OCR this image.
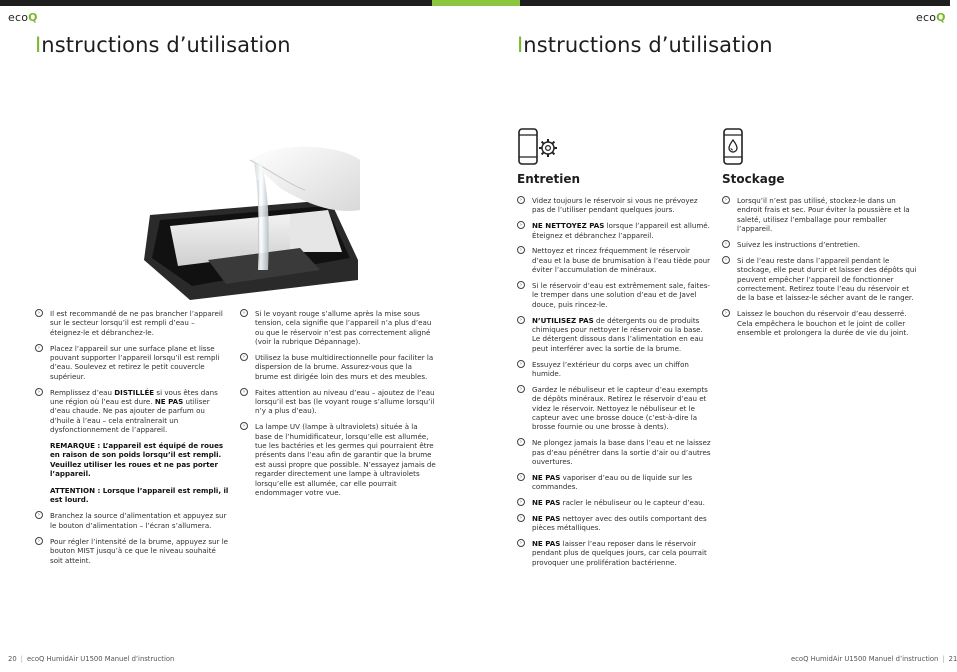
ecoQ	ecoQ
Instructions d’utilisation	Instructions d’utilisation
›	Il est recommandé de ne pas brancher l’appareil sur le secteur lorsqu’il est rempli d’eau – éteignez-le et débranchez-le.
›	Placez l’appareil sur une surface plane et lisse pouvant supporter l’appareil lorsqu’il est rempli d’eau. Soulevez et retirez le petit couvercle supérieur.
›	Remplissez d’eau DISTILLÉE si vous êtes dans une région où l’eau est dure. NE PAS utiliser d’eau chaude. Ne pas ajouter de parfum ou d’huile à l’eau – cela entraînerait un dysfonctionnement de l’appareil.
REMARQUE : L’appareil est équipé de roues en raison de son poids lorsqu’il est rempli. Veuillez utiliser les roues et ne pas porter l’appareil.
ATTENTION : Lorsque l’appareil est rempli, il est lourd.
›	Branchez la source d’alimentation et appuyez sur le bouton d’alimentation – l’écran s’allumera.
›	Pour régler l’intensité de la brume, appuyez sur le bouton MIST jusqu’à ce que le niveau souhaité soit atteint.
›	Si le voyant rouge s’allume après la mise sous tension, cela signifie que l’appareil n’a plus d’eau ou que le réservoir n’est pas correctement aligné (voir la rubrique Dépannage).
›	Utilisez la buse multidirectionnelle pour faciliter la dispersion de la brume. Assurez-vous que la brume est dirigée loin des murs et des meubles.
›	Faites attention au niveau d’eau – ajoutez de l’eau lorsqu’il est bas (le voyant rouge s’allume lorsqu’il n’y a plus d’eau).
›	La lampe UV (lampe à ultraviolets) située à la base de l’humidificateur, lorsqu’elle est allumée, tue les bactéries et les germes qui pourraient être présents dans l’eau afin de garantir que la brume est aussi propre que possible. N’essayez jamais de regarder directement une lampe à ultraviolets lorsqu’elle est allumée, car elle pourrait endommager votre vue.
Entretien	Stockage
›	Videz toujours le réservoir si vous ne prévoyez pas de l’utiliser pendant quelques jours.
›	NE NETTOYEZ PAS lorsque l’appareil est allumé. Éteignez et débranchez l’appareil.
›	Nettoyez et rincez fréquemment le réservoir d’eau et la buse de brumisation à l’eau tiède pour éviter l’accumulation de minéraux.
›	Si le réservoir d’eau est extrêmement sale, faites-le tremper dans une solution d’eau et de Javel douce, puis rincez-le.
›	N’UTILISEZ PAS de détergents ou de produits chimiques pour nettoyer le réservoir ou la base. Le détergent dissous dans l’alimentation en eau peut interférer avec la sortie de la brume.
›	Essuyez l’extérieur du corps avec un chiffon humide.
›	Gardez le nébuliseur et le capteur d’eau exempts de dépôts minéraux. Retirez le réservoir d’eau et videz le réservoir. Nettoyez le nébuliseur et le capteur avec une brosse douce (c’est-à-dire la brosse fournie ou une brosse à dents).
›	Ne plongez jamais la base dans l’eau et ne laissez pas d’eau pénétrer dans la sortie d’air ou d’autres ouvertures.
›	NE PAS vaporiser d’eau ou de liquide sur les commandes.
›	NE PAS racler le nébuliseur ou le capteur d’eau.
›	NE PAS nettoyer avec des outils comportant des pièces métalliques.
›	NE PAS laisser l’eau reposer dans le réservoir pendant plus de quelques jours, car cela pourrait provoquer une prolifération bactérienne.
›	Lorsqu’il n’est pas utilisé, stockez-le dans un endroit frais et sec. Pour éviter la poussière et la saleté, utilisez l’emballage pour remballer l’appareil.
›	Suivez les instructions d’entretien.
›	Si de l’eau reste dans l’appareil pendant le stockage, elle peut durcir et laisser des dépôts qui peuvent empêcher l’appareil de fonctionner correctement. Retirez toute l’eau du réservoir et de la base et laissez-le sécher avant de le ranger.
›	Laissez le bouchon du réservoir d’eau desserré. Cela empêchera le bouchon et le joint de coller ensemble et prolongera la durée de vie du joint.
20 | ecoQ HumidAir U1500 Manuel d’instruction	ecoQ HumidAir U1500 Manuel d’instruction | 21
